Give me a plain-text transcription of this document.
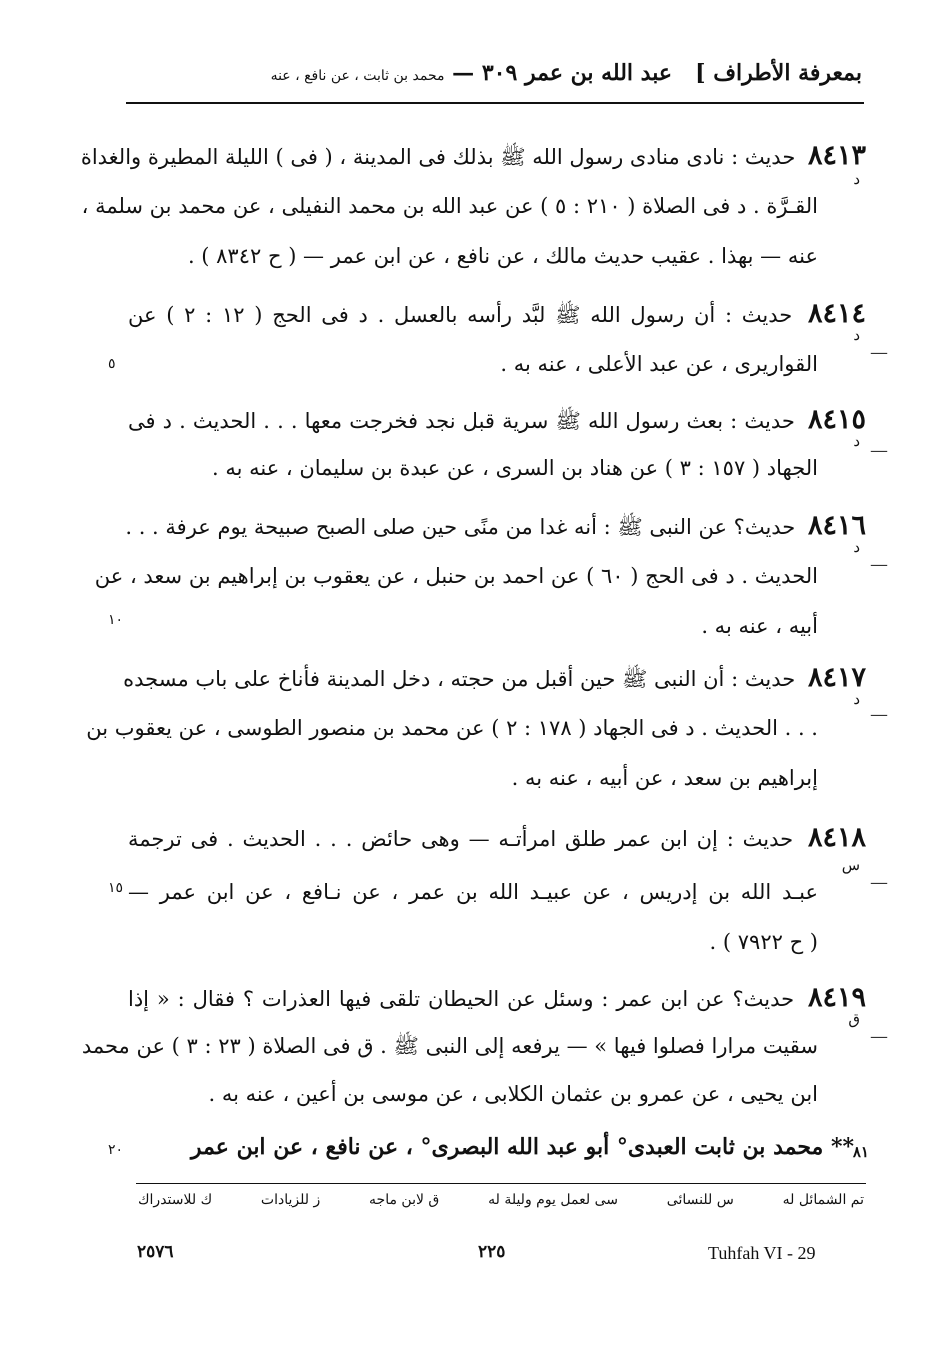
بمعرفة الأطراف ]
عبد الله بن عمر ٣٠٩ — محمد بن ثابت ، عن نافع ، عنه
٨٤١٣ حديث : نادى منادى رسول الله ﷺ بذلك فى المدينة ، ( فى ) الليلة المطيرة والغداة
د
القـرَّة . د فى الصلاة ( ٢١٠ : ٥ ) عن عبد الله بن محمد النفيلى ، عن محمد بن سلمة ،
عنه — بهذا . عقيب حديث مالك ، عن نافع ، عن ابن عمر — ( ح ٨٣٤٢ ) .
٨٤١٤ حديث : أن رسول الله ﷺ لبَّد رأسه بالعسل . د فى الحج ( ١٢ : ٢ ) عن
د
—
القواريرى ، عن عبد الأعلى ، عنه به .
٨٤١٥ حديث : بعث رسول الله ﷺ سرية قبل نجد فخرجت معها . . . الحديث . د فى
د —
الجهاد ( ١٥٧ : ٣ ) عن هناد بن السرى ، عن عبدة بن سليمان ، عنه به .
٨٤١٦ حديث؟ عن النبى ﷺ : أنه غدا من منًى حين صلى الصبح صبيحة يوم عرفة . . .
د
—
الحديث . د فى الحج ( ٦٠ ) عن احمد بن حنبل ، عن يعقوب بن إبراهيم بن سعد ، عن
أبيه ، عنه به .
٨٤١٧ حديث : أن النبى ﷺ حين أقبل من حجته ، دخل المدينة فأناخ على باب مسجده
د
—
. . . الحديث . د فى الجهاد ( ١٧٨ : ٢ ) عن محمد بن منصور الطوسى ، عن يعقوب بن
إبراهيم بن سعد ، عن أبيه ، عنه به .
٨٤١٨ حديث : إن ابن عمر طلق امرأتـه — وهى حائض . . . الحديث . فى ترجمة
س
—
عبـد الله بن إدريس ، عن عبيـد الله بن عمر ، عن نـافع ، عن ابن عمر —
( ح ٧٩٢٢ ) .
٨٤١٩ حديث؟ عن ابن عمر : وسئل عن الحيطان تلقى فيها العذرات ؟ فقال : « إذا
ق
—
سقيت مرارا فصلوا فيها » — يرفعه إلى النبى ﷺ . ق فى الصلاة ( ٢٣ : ٣ ) عن محمد
ابن يحيى ، عن عمرو بن عثمان الكلابى ، عن موسى بن أعين ، عنه به .
٥
١٠
١٥
٢٠	٨١
** محمد بن ثابت العبدى° أبو عبد الله البصرى° ، عن نافع ، عن ابن عمر
تم الشمائل له
س للنسائى
سى لعمل يوم وليلة له
ق لابن ماجه
ز للزيادات
ك للاستدراك
٢٥٧٦	٢٢٥	Tuhfah VI - 29
